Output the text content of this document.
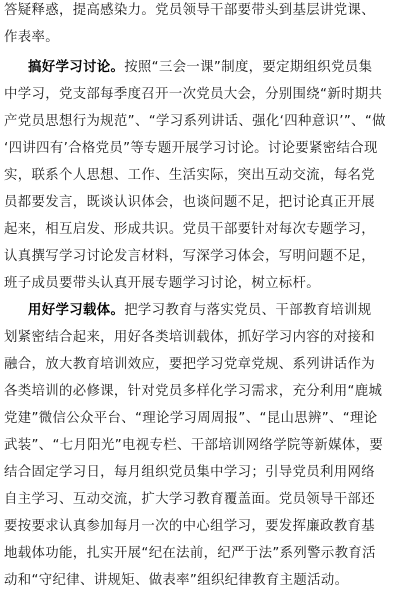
答疑释惑，提高感染力。党员领导干部要带头到基层讲党课、
作表率。
搞好学习讨论。按照“三会一课”制度，要定期组织党员集
中学习，党支部每季度召开一次党员大会，分别围绕“新时期共
产党员思想行为规范”、“学习系列讲话、强化‘四种意识’”、“做
‘四讲四有’合格党员”等专题开展学习讨论。讨论要紧密结合现
实，联系个人思想、工作、生活实际，突出互动交流，每名党
员都要发言，既谈认识体会，也谈问题不足，把讨论真正开展
起来，相互启发、形成共识。党员干部要针对每次专题学习，
认真撰写学习讨论发言材料，写深学习体会，写明问题不足，
班子成员要带头认真开展专题学习讨论，树立标杆。
用好学习载体。把学习教育与落实党员、干部教育培训规
划紧密结合起来，用好各类培训载体，抓好学习内容的对接和
融合，放大教育培训效应，要把学习党章党规、系列讲话作为
各类培训的必修课，针对党员多样化学习需求，充分利用“鹿城
党建”微信公众平台、“理论学习周周报”、“昆山思辨”、“理论
武装”、“七月阳光”电视专栏、干部培训网络学院等新媒体，要
结合固定学习日，每月组织党员集中学习；引导党员利用网络
自主学习、互动交流，扩大学习教育覆盖面。党员领导干部还
要按要求认真参加每月一次的中心组学习，要发挥廉政教育基
地载体功能，扎实开展“纪在法前，纪严于法”系列警示教育活
动和“守纪律、讲规矩、做表率”组织纪律教育主题活动。
